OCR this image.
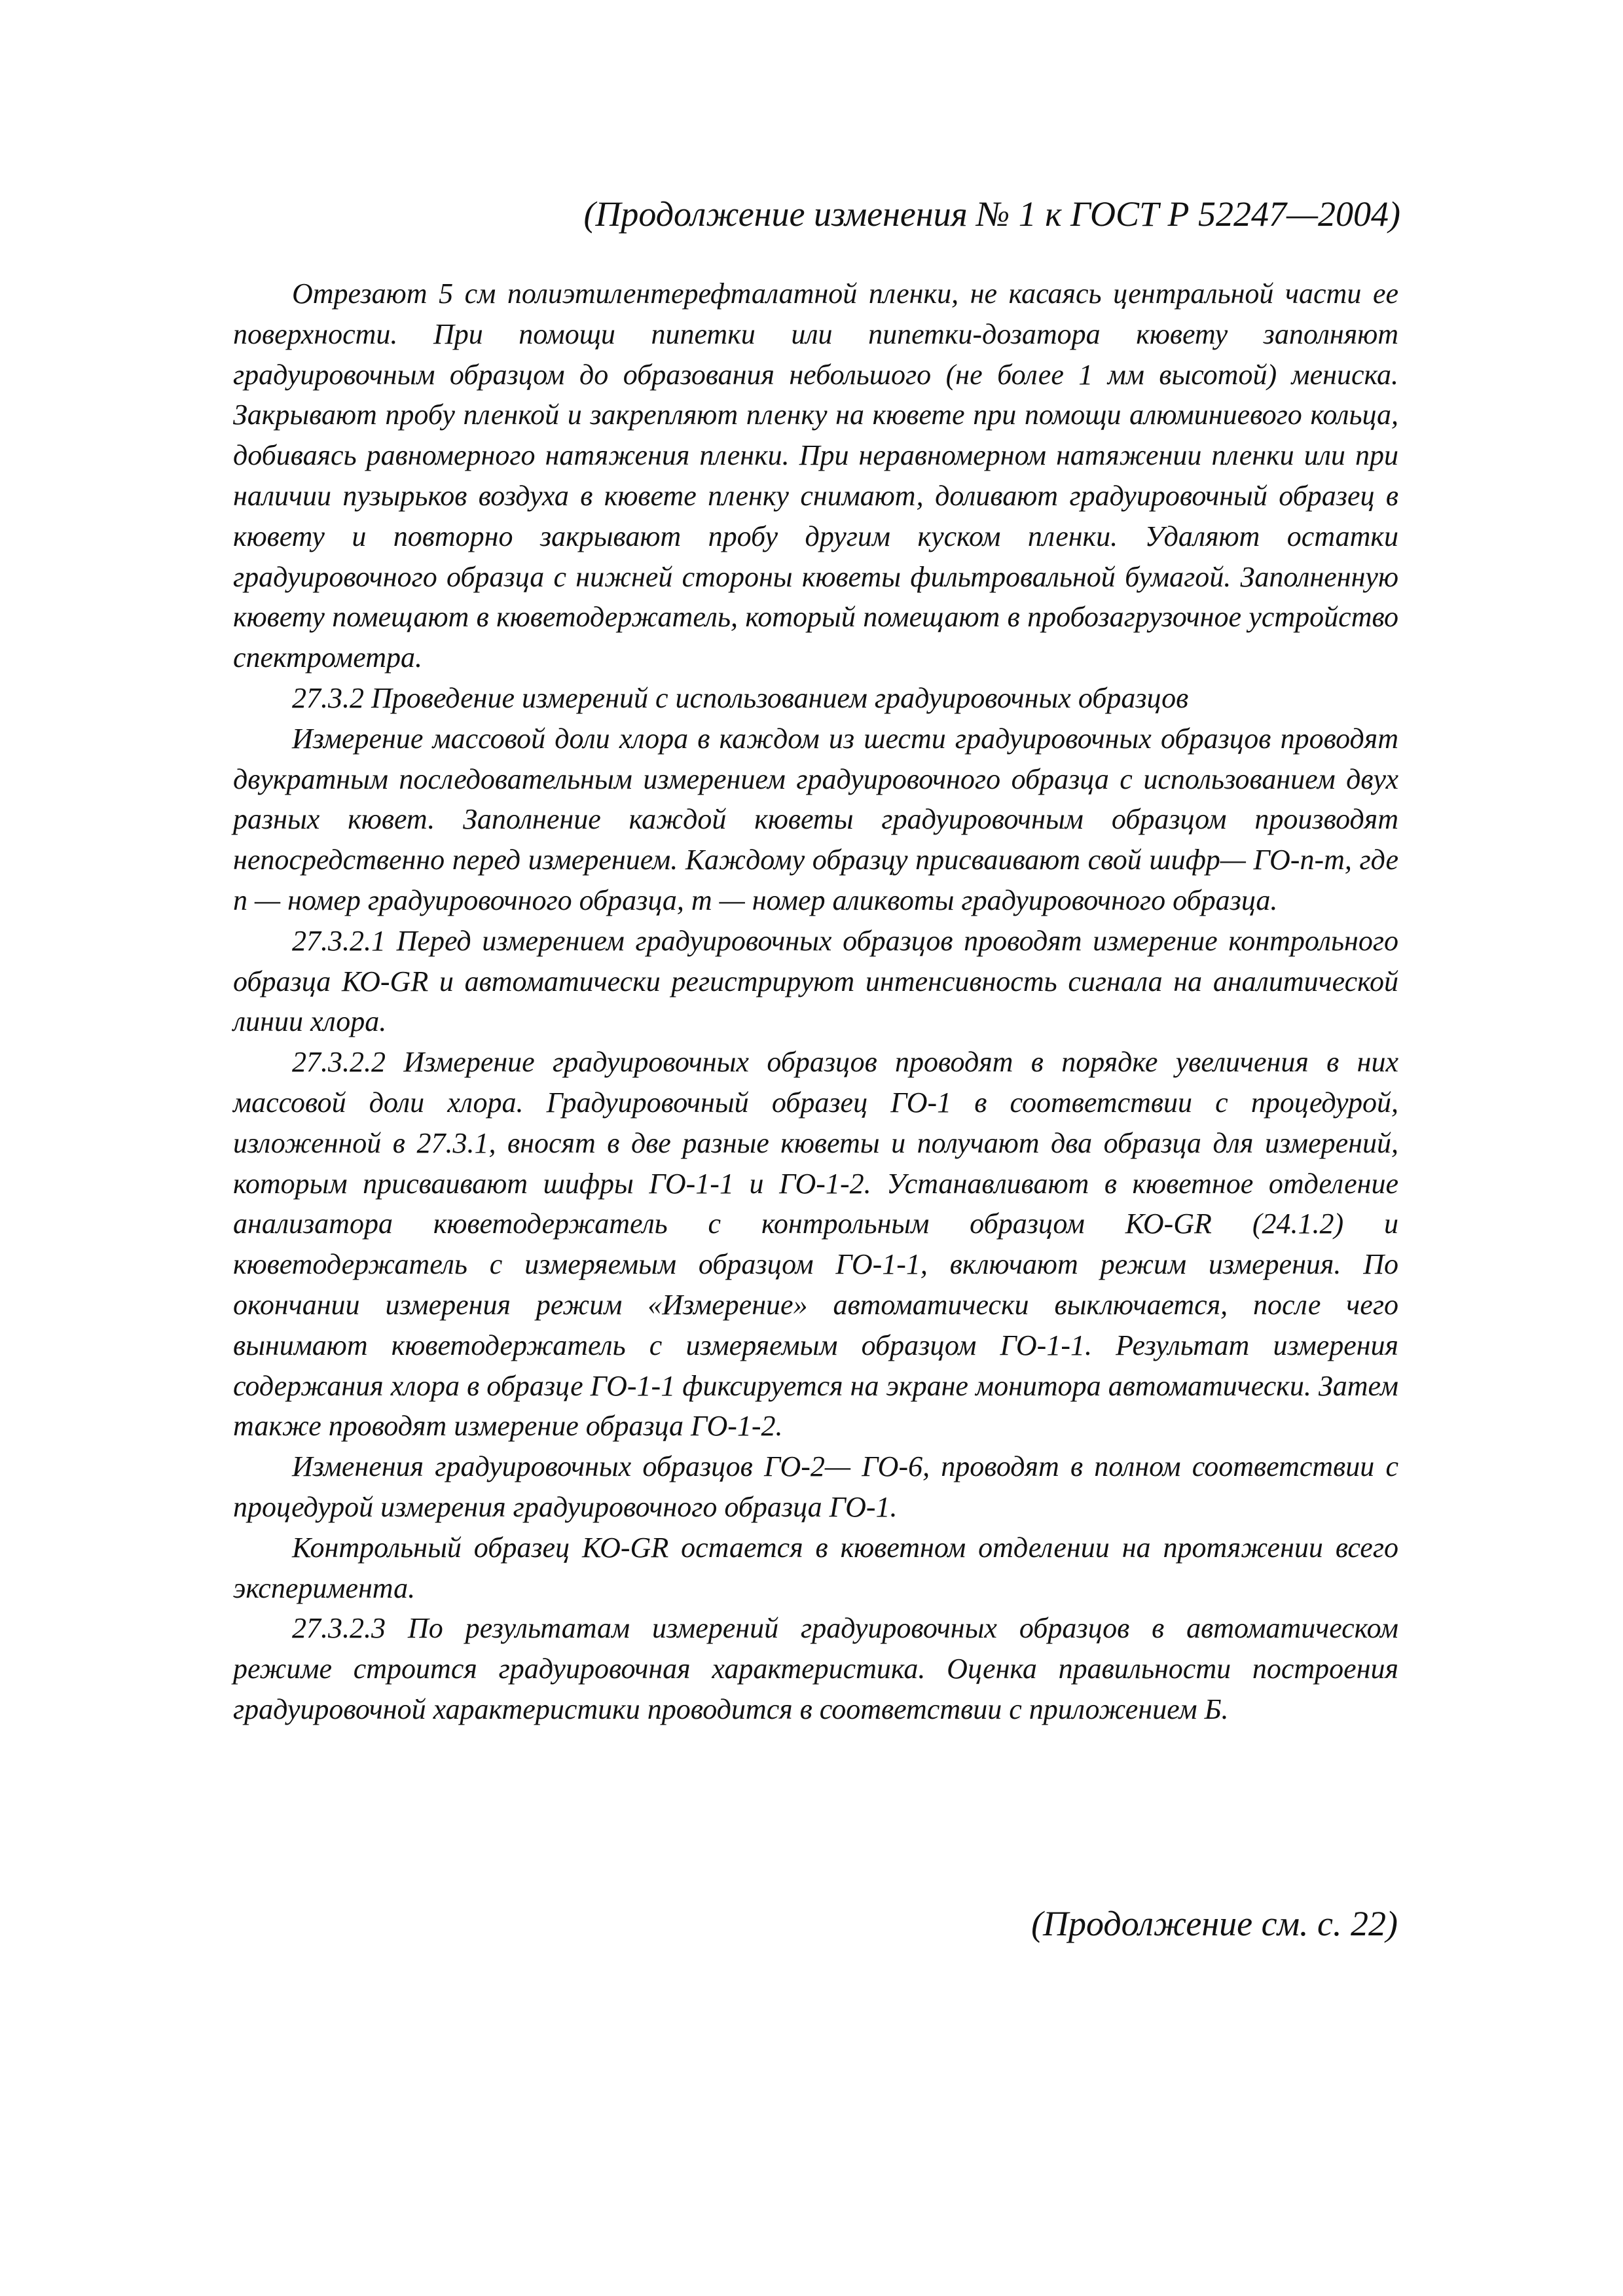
(Продолжение изменения № 1 к ГОСТ Р 52247—2004)

Отрезают 5 см полиэтилентерефталатной пленки, не касаясь центральной части ее поверхности. При помощи пипетки или пипетки-дозатора кювету заполняют градуировочным образцом до образования небольшого (не более 1 мм высотой) мениска. Закрывают пробу пленкой и закрепляют пленку на кювете при помощи алюминиевого кольца, добиваясь равномерного натяжения пленки. При неравномерном натяжении пленки или при наличии пузырьков воздуха в кювете пленку снимают, доливают градуировочный образец в кювету и повторно закрывают пробу другим куском пленки. Удаляют остатки градуировочного образца с нижней стороны кюветы фильтровальной бумагой. Заполненную кювету помещают в кюветодержатель, который помещают в пробозагрузочное устройство спектрометра.

27.3.2 Проведение измерений с использованием градуировочных образцов

Измерение массовой доли хлора в каждом из шести градуировочных образцов проводят двукратным последовательным измерением градуировочного образца с использованием двух разных кювет. Заполнение каждой кюветы градуировочным образцом производят непосредственно перед измерением. Каждому образцу присваивают свой шифр— ГО-n-m, где n — номер градуировочного образца, m — номер аликвоты градуировочного образца.

27.3.2.1 Перед измерением градуировочных образцов проводят измерение контрольного образца КО-GR и автоматически регистрируют интенсивность сигнала на аналитической линии хлора.

27.3.2.2 Измерение градуировочных образцов проводят в порядке увеличения в них массовой доли хлора. Градуировочный образец ГО-1 в соответствии с процедурой, изложенной в 27.3.1, вносят в две разные кюветы и получают два образца для измерений, которым присваивают шифры ГО-1-1 и ГО-1-2. Устанавливают в кюветное отделение анализатора кюветодержатель с контрольным образцом КО-GR (24.1.2) и кюветодержатель с измеряемым образцом ГО-1-1, включают режим измерения. По окончании измерения режим «Измерение» автоматически выключается, после чего вынимают кюветодержатель с измеряемым образцом ГО-1-1. Результат измерения содержания хлора в образце ГО-1-1 фиксируется на экране монитора автоматически. Затем также проводят измерение образца ГО-1-2.

Изменения градуировочных образцов ГО-2— ГО-6, проводят в полном соответствии с процедурой измерения градуировочного образца ГО-1.

Контрольный образец КО-GR остается в кюветном отделении на протяжении всего эксперимента.

27.3.2.3 По результатам измерений градуировочных образцов в автоматическом режиме строится градуировочная характеристика. Оценка правильности построения градуировочной характеристики проводится в соответствии с приложением Б.

(Продолжение см. с. 22)
